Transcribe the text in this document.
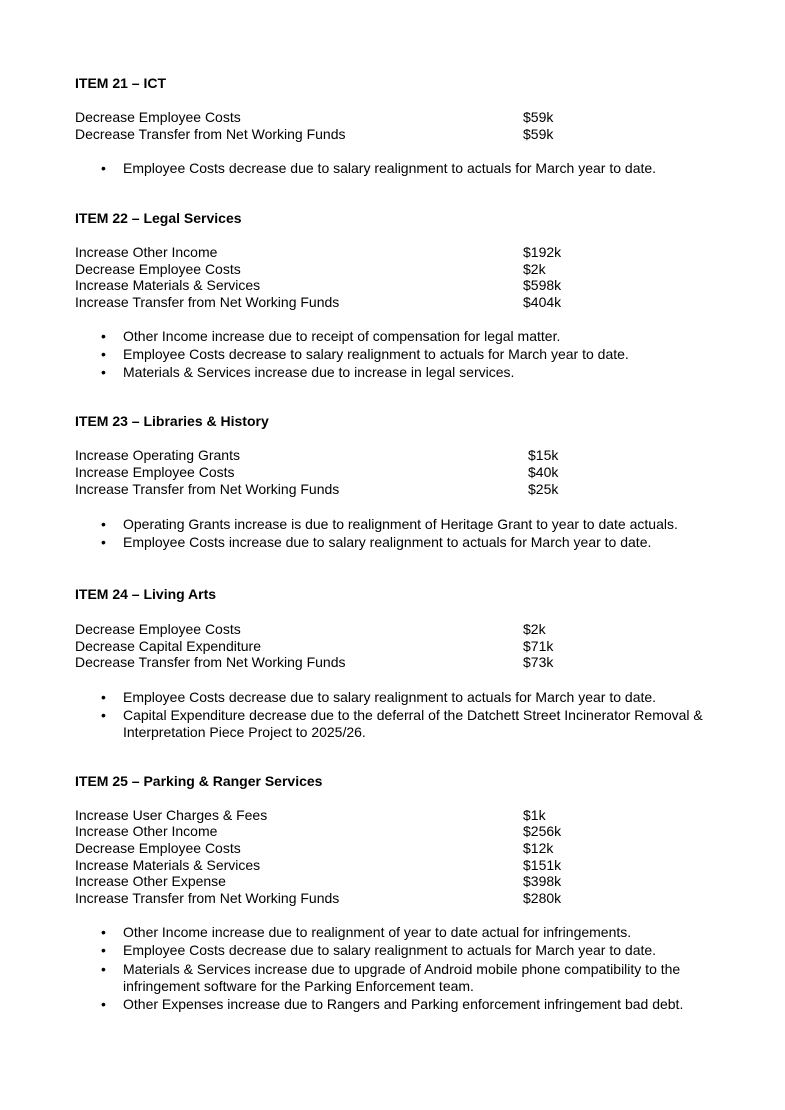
ITEM 21 – ICT
Decrease Employee Costs	$59k
Decrease Transfer from Net Working Funds	$59k
•	Employee Costs decrease due to salary realignment to actuals for March year to date.
ITEM 22 – Legal Services
Increase Other Income	$192k
Decrease Employee Costs	$2k
Increase Materials & Services	$598k
Increase Transfer from Net Working Funds	$404k
•	Other Income increase due to receipt of compensation for legal matter.
•	Employee Costs decrease to salary realignment to actuals for March year to date.
•	Materials & Services increase due to increase in legal services.
ITEM 23 – Libraries & History
Increase Operating Grants	$15k
Increase Employee Costs	$40k
Increase Transfer from Net Working Funds	$25k
•	Operating Grants increase is due to realignment of Heritage Grant to year to date actuals.
•	Employee Costs increase due to salary realignment to actuals for March year to date.
ITEM 24 – Living Arts
Decrease Employee Costs	$2k
Decrease Capital Expenditure	$71k
Decrease Transfer from Net Working Funds	$73k
•	Employee Costs decrease due to salary realignment to actuals for March year to date.
•	Capital Expenditure decrease due to the deferral of the Datchett Street Incinerator Removal & Interpretation Piece Project to 2025/26.
ITEM 25 – Parking & Ranger Services
Increase User Charges & Fees	$1k
Increase Other Income	$256k
Decrease Employee Costs	$12k
Increase Materials & Services	$151k
Increase Other Expense	$398k
Increase Transfer from Net Working Funds	$280k
•	Other Income increase due to realignment of year to date actual for infringements.
•	Employee Costs decrease due to salary realignment to actuals for March year to date.
•	Materials & Services increase due to upgrade of Android mobile phone compatibility to the infringement software for the Parking Enforcement team.
•	Other Expenses increase due to Rangers and Parking enforcement infringement bad debt.
